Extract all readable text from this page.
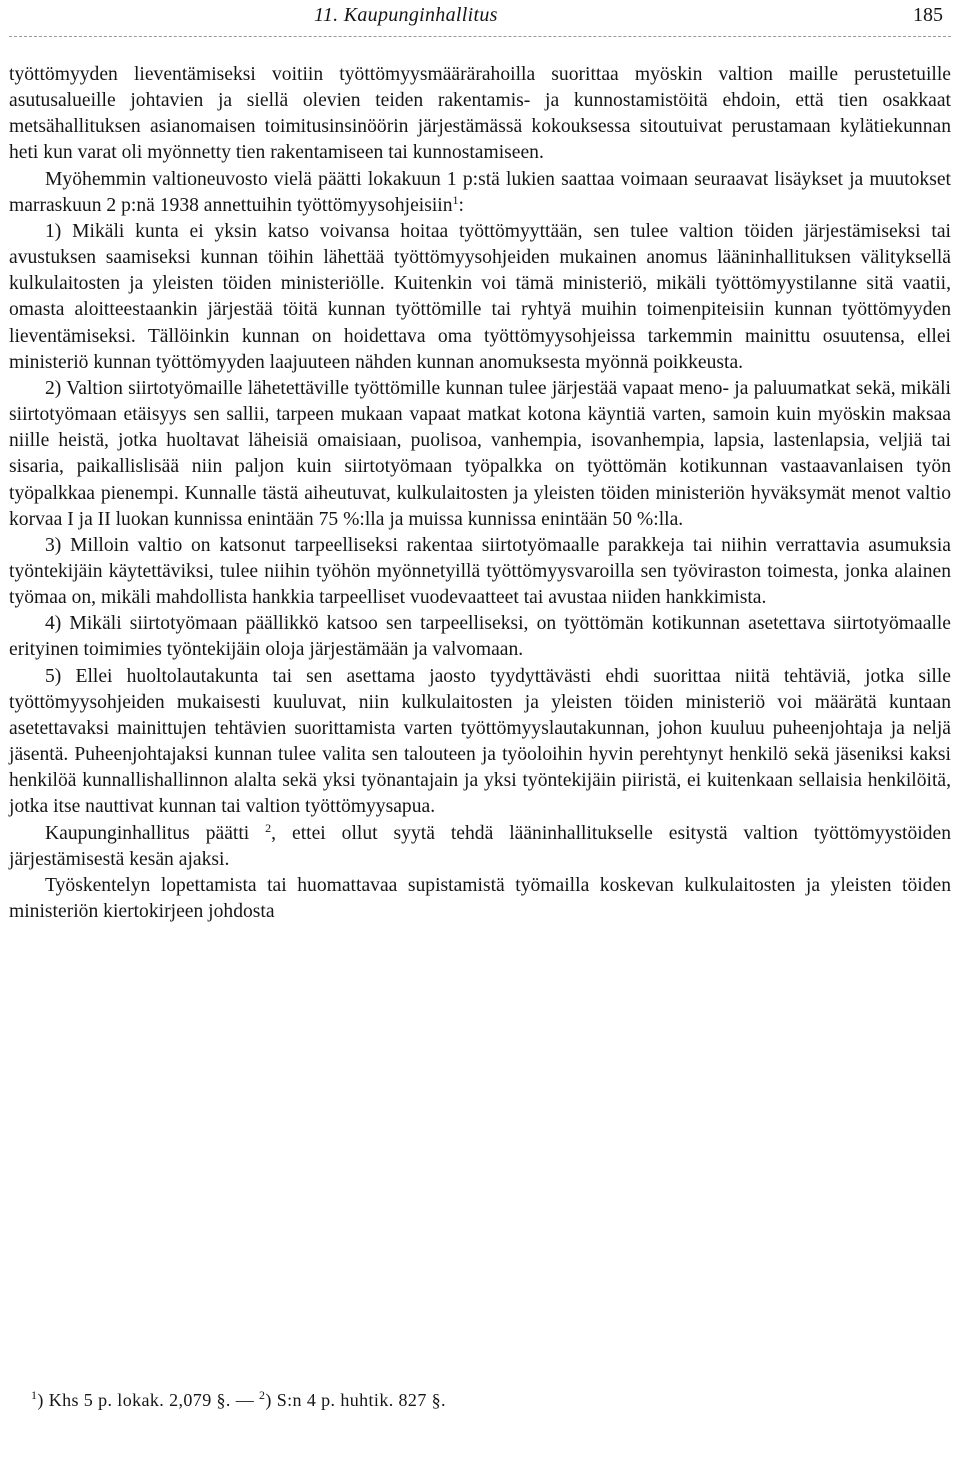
11. Kaupunginhallitus	185

työttömyyden lieventämiseksi voitiin työttömyysmäärärahoilla suorittaa myöskin valtion maille perustetuille asutusalueille johtavien ja siellä olevien teiden rakentamis- ja kunnostamistöitä ehdoin, että tien osakkaat metsähallituksen asianomaisen toimitusinsinöörin järjestämässä kokouksessa sitoutuivat perustamaan kylätiekunnan heti kun varat oli myönnetty tien rakentamiseen tai kunnostamiseen.

Myöhemmin valtioneuvosto vielä päätti lokakuun 1 p:stä lukien saattaa voimaan seuraavat lisäykset ja muutokset marraskuun 2 p:nä 1938 annettuihin työttömyysohjeisiin$^1$:

1) Mikäli kunta ei yksin katso voivansa hoitaa työttömyyttään, sen tulee valtion töiden järjestämiseksi tai avustuksen saamiseksi kunnan töihin lähettää työttömyysohjeiden mukainen anomus lääninhallituksen välityksellä kulkulaitosten ja yleisten töiden ministeriölle. Kuitenkin voi tämä ministeriö, mikäli työttömyystilanne sitä vaatii, omasta aloitteestaankin järjestää töitä kunnan työttömille tai ryhtyä muihin toimenpiteisiin kunnan työttömyyden lieventämiseksi. Tällöinkin kunnan on hoidettava oma työttömyysohjeissa tarkemmin mainittu osuutensa, ellei ministeriö kunnan työttömyyden laajuuteen nähden kunnan anomuksesta myönnä poikkeusta.

2) Valtion siirtotyömaille lähetettäville työttömille kunnan tulee järjestää vapaat meno- ja paluumatkat sekä, mikäli siirtotyömaan etäisyys sen sallii, tarpeen mukaan vapaat matkat kotona käyntiä varten, samoin kuin myöskin maksaa niille heistä, jotka huoltavat läheisiä omaisiaan, puolisoa, vanhempia, isovanhempia, lapsia, lastenlapsia, veljiä tai sisaria, paikallislisää niin paljon kuin siirtotyömaan työpalkka on työttömän kotikunnan vastaavanlaisen työn työpalkkaa pienempi. Kunnalle tästä aiheutuvat, kulkulaitosten ja yleisten töiden ministeriön hyväksymät menot valtio korvaa I ja II luokan kunnissa enintään 75 %:lla ja muissa kunnissa enintään 50 %:lla.

3) Milloin valtio on katsonut tarpeelliseksi rakentaa siirtotyömaalle parakkeja tai niihin verrattavia asumuksia työntekijäin käytettäviksi, tulee niihin työhön myönnetyillä työttömyysvaroilla sen työviraston toimesta, jonka alainen työmaa on, mikäli mahdollista hankkia tarpeelliset vuodevaatteet tai avustaa niiden hankkimista.

4) Mikäli siirtotyömaan päällikkö katsoo sen tarpeelliseksi, on työttömän kotikunnan asetettava siirtotyömaalle erityinen toimimies työntekijäin oloja järjestämään ja valvomaan.

5) Ellei huoltolautakunta tai sen asettama jaosto tyydyttävästi ehdi suorittaa niitä tehtäviä, jotka sille työttömyysohjeiden mukaisesti kuuluvat, niin kulkulaitosten ja yleisten töiden ministeriö voi määrätä kuntaan asetettavaksi mainittujen tehtävien suorittamista varten työttömyyslautakunnan, johon kuuluu puheenjohtaja ja neljä jäsentä. Puheenjohtajaksi kunnan tulee valita sen talouteen ja työoloihin hyvin perehtynyt henkilö sekä jäseniksi kaksi henkilöä kunnallishallinnon alalta sekä yksi työnantajain ja yksi työntekijäin piiristä, ei kuitenkaan sellaisia henkilöitä, jotka itse nauttivat kunnan tai valtion työttömyysapua.

Kaupunginhallitus päätti $^2$, ettei ollut syytä tehdä lääninhallitukselle esitystä valtion työttömyystöiden järjestämisestä kesän ajaksi.

Työskentelyn lopettamista tai huomattavaa supistamistä työmailla koskevan kulkulaitosten ja yleisten töiden ministeriön kiertokirjeen johdosta

$^1$) Khs 5 p. lokak. 2,079 §. — $^2$) S:n 4 p. huhtik. 827 §.
